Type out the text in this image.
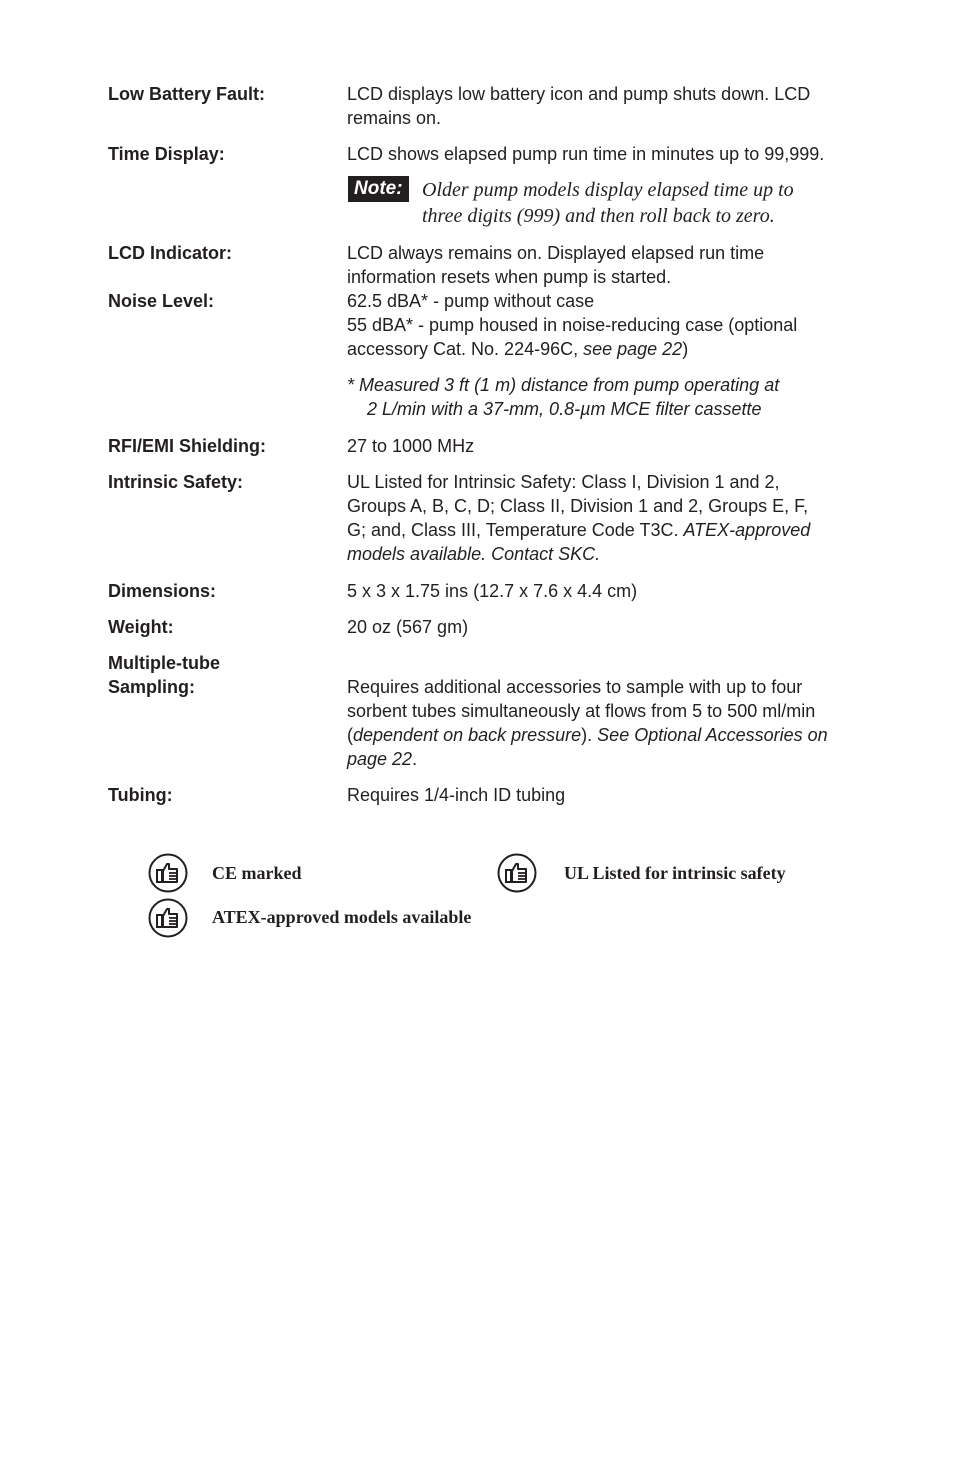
Low Battery Fault:	LCD displays low battery icon and pump shuts down. LCD
remains on.
Time Display:	LCD shows elapsed pump run time in minutes up to 99,999.
Note: Older pump models display elapsed time up to
three digits (999) and then roll back to zero.
LCD Indicator:	LCD always remains on. Displayed elapsed run time
information resets when pump is started.
Noise Level:	62.5 dBA* - pump without case
55 dBA* - pump housed in noise-reducing case (optional
accessory Cat. No. 224-96C, see page 22)
* Measured 3 ft (1 m) distance from pump operating at
2 L/min with a 37-mm, 0.8-µm MCE filter cassette
RFI/EMI Shielding:	27 to 1000 MHz
Intrinsic Safety:	UL Listed for Intrinsic Safety: Class I, Division 1 and 2,
Groups A, B, C, D; Class II, Division 1 and 2, Groups E, F,
G; and, Class III, Temperature Code T3C. ATEX-approved
models available. Contact SKC.
Dimensions:	5 x 3 x 1.75 ins (12.7 x 7.6 x 4.4 cm)
Weight:	20 oz (567 gm)
Multiple-tube
Sampling:	Requires additional accessories to sample with up to four
sorbent tubes simultaneously at flows from 5 to 500 ml/min
(dependent on back pressure). See Optional Accessories on
page 22.
Tubing:	Requires 1/4-inch ID tubing
CE marked	UL Listed for intrinsic safety
ATEX-approved models available
